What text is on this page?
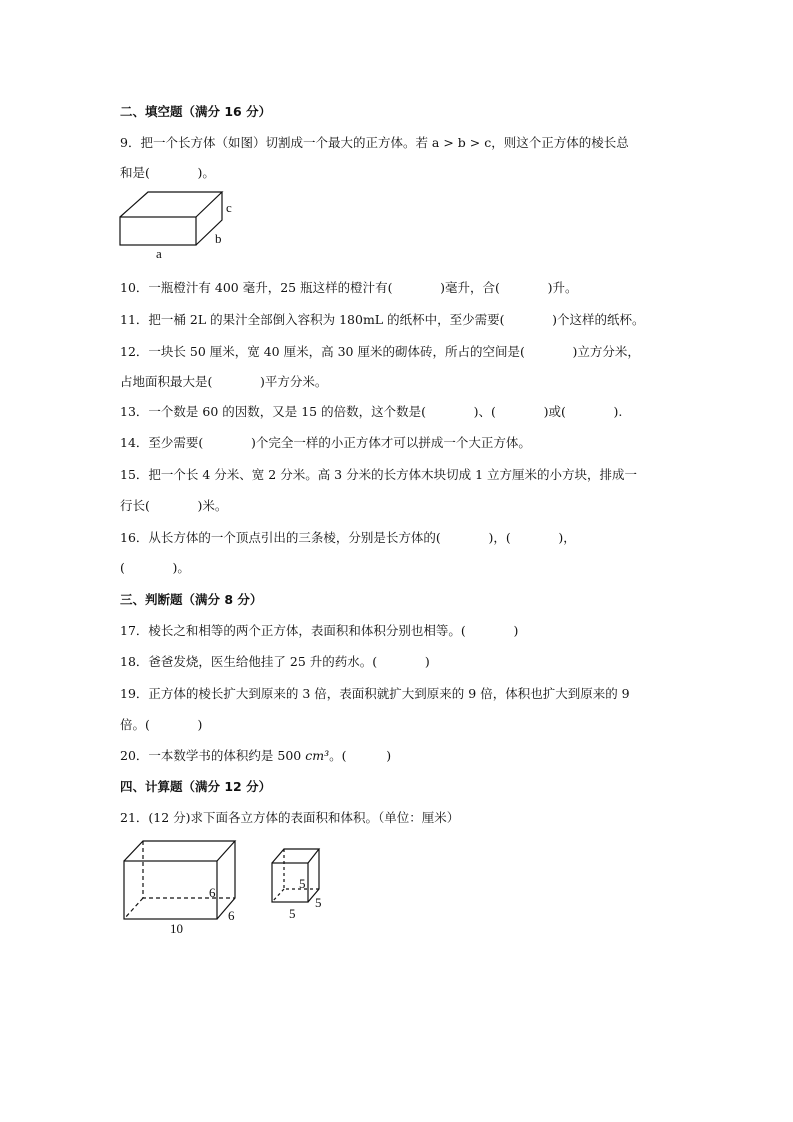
二、填空题（满分 16 分）
9．把一个长方体（如图）切割成一个最大的正方体。若 a > b > c，则这个正方体的棱长总
和是(            )。
c
b
a
6
6
10
5
5
5
10．一瓶橙汁有 400 毫升，25 瓶这样的橙汁有(            )毫升，合(            )升。
11．把一桶 2L 的果汁全部倒入容积为 180mL 的纸杯中，至少需要(            )个这样的纸杯。
12．一块长 50 厘米，宽 40 厘米，高 30 厘米的砌体砖，所占的空间是(            )立方分米，
占地面积最大是(            )平方分米。
13．一个数是 60 的因数，又是 15 的倍数，这个数是(            )、(            )或(            ).
14．至少需要(            )个完全一样的小正方体才可以拼成一个大正方体。
15．把一个长 4 分米、宽 2 分米。高 3 分米的长方体木块切成 1 立方厘米的小方块，排成一
行长(            )米。
16．从长方体的一个顶点引出的三条棱，分别是长方体的(            )，(            )，
(            )。
三、判断题（满分 8 分）
17．棱长之和相等的两个正方体，表面积和体积分别也相等。(            )
18．爸爸发烧，医生给他挂了 25 升的药水。(            )
19．正方体的棱长扩大到原来的 3 倍，表面积就扩大到原来的 9 倍，体积也扩大到原来的 9
倍。(            )
20．一本数学书的体积约是 500 cm³。(          )
四、计算题（满分 12 分）
21．(12 分)求下面各立方体的表面积和体积。（单位：厘米）
